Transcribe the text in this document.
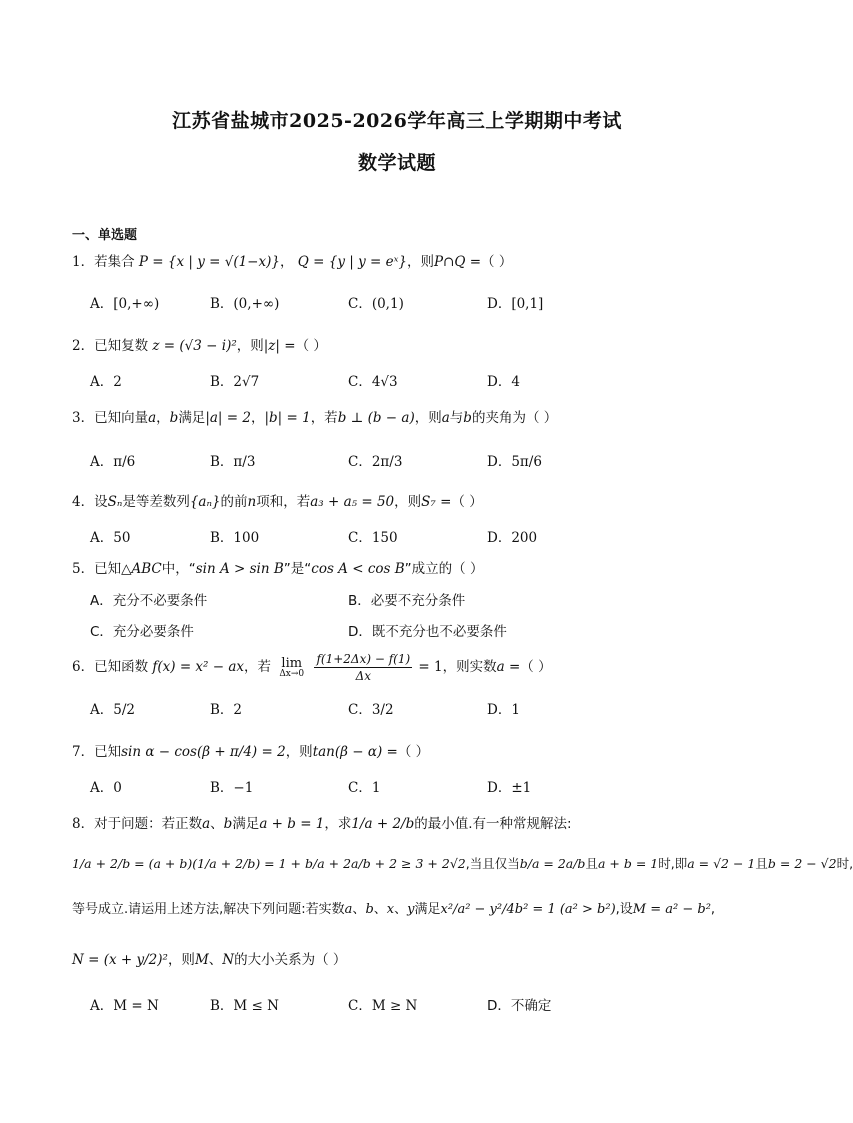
江苏省盐城市2025-2026学年高三上学期期中考试
数学试题
一、单选题
1．若集合 P = {x | y = √(1−x)}， Q = {y | y = eˣ}，则P∩Q =（ ）
A．[0,+∞)	B．(0,+∞)	C．(0,1)	D．[0,1]
2．已知复数 z = (√3 − i)²，则|z| =（ ）
A．2	B．2√7	C．4√3	D．4
3．已知向量a，b满足|a| = 2，|b| = 1，若b ⊥ (b − a)，则a与b的夹角为（ ）
A．π/6	B．π/3	C．2π/3	D．5π/6
4．设Sₙ是等差数列{aₙ}的前n项和，若a₃ + a₅ = 50，则S₇ =（ ）
A．50	B．100	C．150	D．200
5．已知△ABC中，“sin A > sin B”是“cos A < cos B”成立的（ ）
A．充分不必要条件	B．必要不充分条件
C．充分必要条件	D．既不充分也不必要条件
6．已知函数 f(x) = x² − ax，若 lim
Δx→0
$\frac{f(1+2\Delta x) - f(1)}{\Delta x} = 1$，则实数a =（ ）
A．5/2	B．2	C．3/2	D．1
7．已知sin α − cos(β + π/4) = 2，则tan(β − α) =（ ）
A．0	B．−1	C．1	D．±1
8．对于问题：若正数a、b满足a + b = 1，求1/a + 2/b的最小值.有一种常规解法:
1/a + 2/b = (a + b)(1/a + 2/b) = 1 + b/a + 2a/b + 2 ≥ 3 + 2√2,当且仅当b/a = 2a/b且a + b = 1时,即a = √2 − 1且b = 2 − √2时,
等号成立.请运用上述方法,解决下列问题:若实数a、b、x、y满足x²/a² − y²/4b² = 1 (a² > b²),设M = a² − b²,
N = (x + y/2)²，则M、N的大小关系为（ ）
A．M = N	B．M ≤ N	C．M ≥ N	D．不确定
